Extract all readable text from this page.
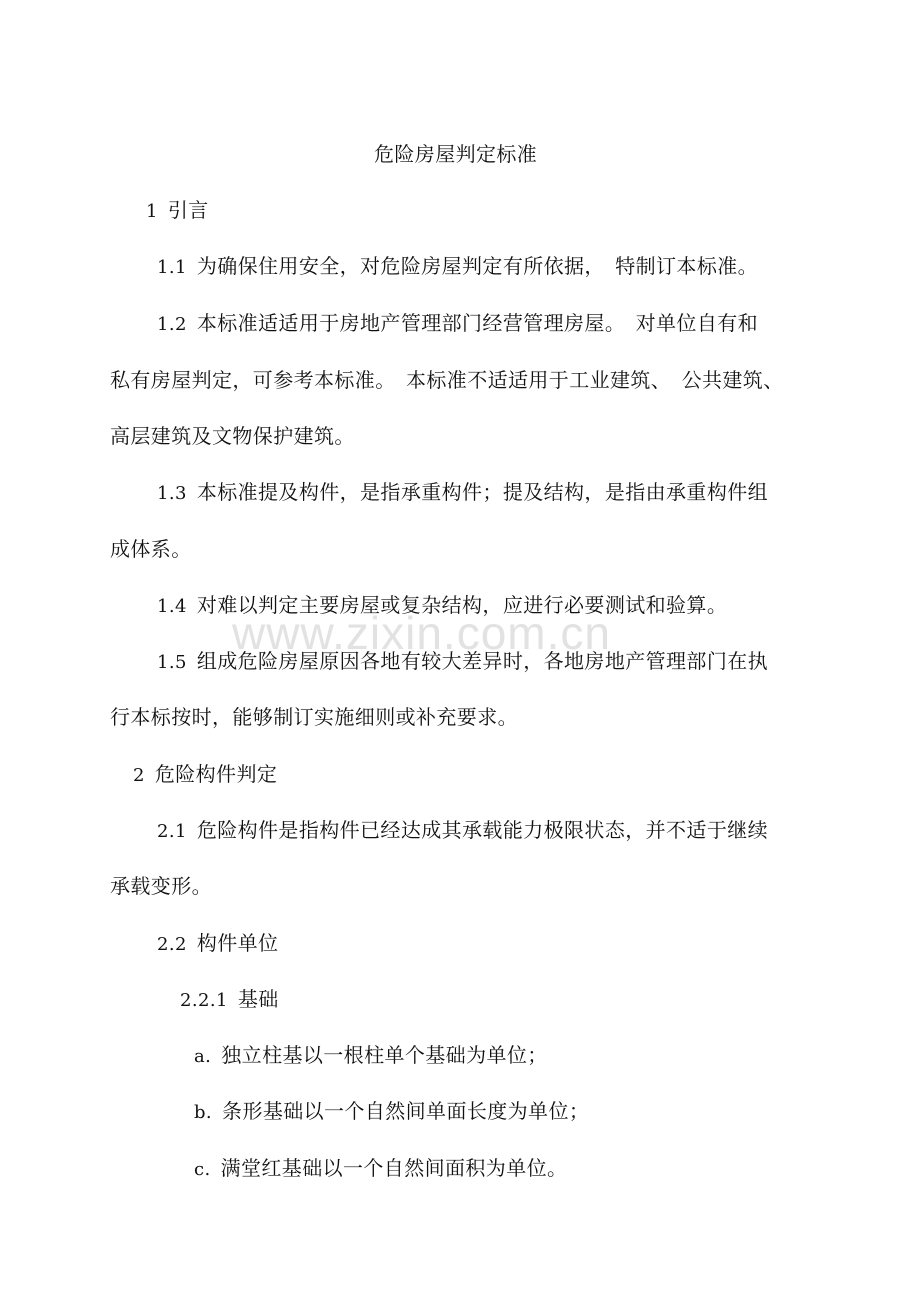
www.zixin.com.cn
危险房屋判定标准
1 引言
1.1 为确保住用安全，对危险房屋判定有所依据，　特制订本标准。
1.2 本标准适适用于房地产管理部门经营管理房屋。　对单位自有和
私有房屋判定，可参考本标准。　本标准不适适用于工业建筑、　公共建筑、
高层建筑及文物保护建筑。
1.3 本标准提及构件，是指承重构件；提及结构，是指由承重构件组
成体系。
1.4 对难以判定主要房屋或复杂结构，应进行必要测试和验算。
1.5 组成危险房屋原因各地有较大差异时，各地房地产管理部门在执
行本标按时，能够制订实施细则或补充要求。
2 危险构件判定
2.1 危险构件是指构件已经达成其承载能力极限状态，并不适于继续
承载变形。
2.2 构件单位
2.2.1 基础
a. 独立柱基以一根柱单个基础为单位；
b. 条形基础以一个自然间单面长度为单位；
c. 满堂红基础以一个自然间面积为单位。
